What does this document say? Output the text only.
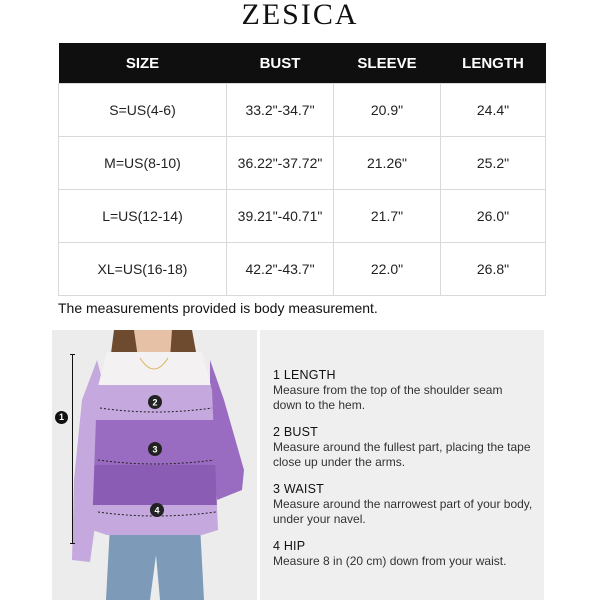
ZESICA
SIZE	BUST	SLEEVE	LENGTH
S=US(4-6)	33.2"-34.7"	20.9"	24.4"
M=US(8-10)	36.22"-37.72"	21.26"	25.2"
L=US(12-14)	39.21"-40.71"	21.7"	26.0"
XL=US(16-18)	42.2"-43.7"	22.0"	26.8"
The measurements provided is body measurement.
2
3
4
1
1 LENGTH
Measure from the top of the shoulder seam down to the hem.
2 BUST
Measure around the fullest part, placing the tape close up under the arms.
3 WAIST
Measure around the narrowest part of your body, under your navel.
4 HIP
Measure 8 in (20 cm) down from your waist.
